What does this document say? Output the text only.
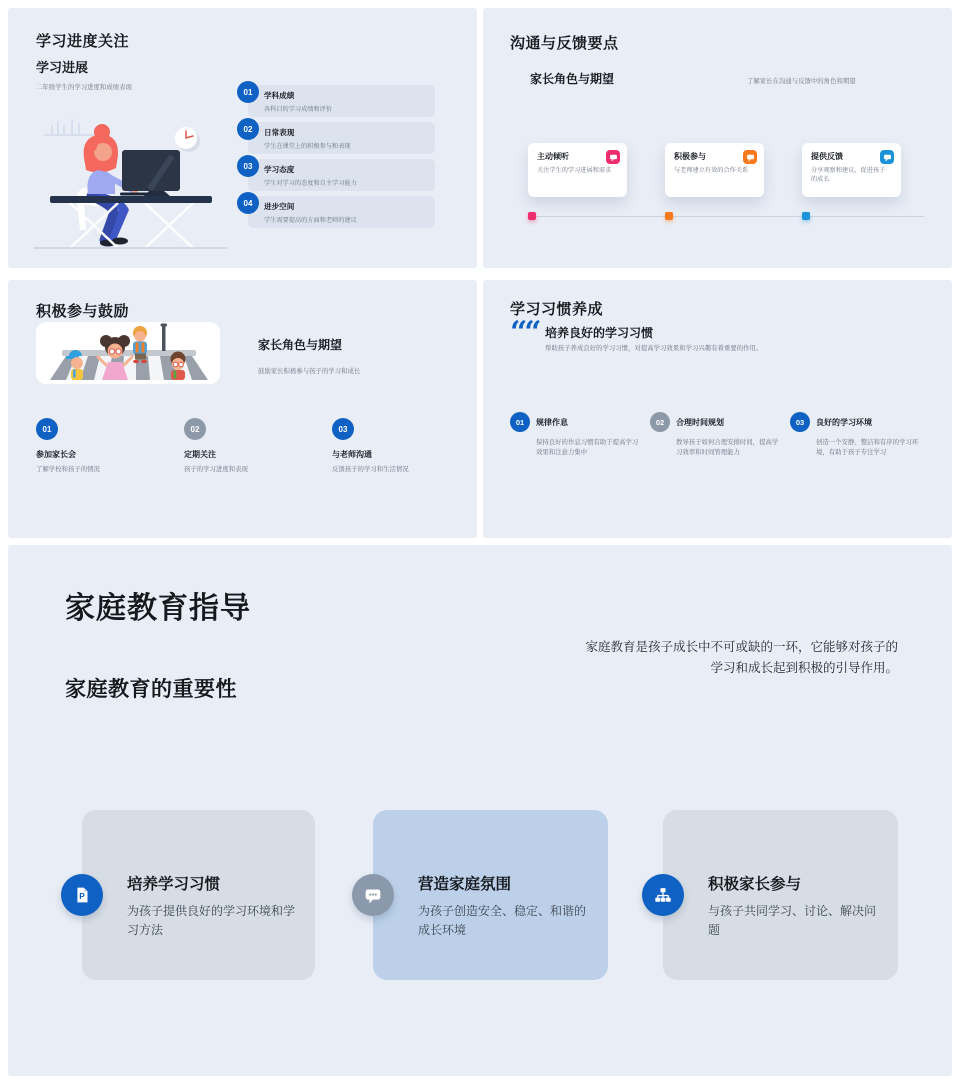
学习进度关注
学习进展

二年级学生的学习进度和成绩表现	01	学科成绩
各科目的学习成绩和评价
02	日常表现
学生在课堂上的积极参与和表现
03	学习态度
学生对学习的态度和自主学习能力
04	进步空间
学生需要提高的方面和老师的建议
沟通与反馈要点
家长角色与期望	了解家长在沟通与反馈中的角色和期望

主动倾听
关注学生的学习进展和需求
积极参与
与老师建立有效的合作关系
提供反馈
分享观察和建议，促进孩子的成长
积极参与鼓励
家长角色与期望

鼓励家长积极参与孩子的学习和成长

01
参加家长会
了解学校和孩子的情况
02
定期关注
孩子的学习进度和表现
03
与老师沟通
反馈孩子的学习和生活情况
学习习惯养成
““ 培养良好的学习习惯

帮助孩子养成良好的学习习惯，对提高学习效果和学习兴趣有着重要的作用。

01	规律作息
保持良好的作息习惯有助于提高学习效果和注意力集中
02	合理时间规划
教导孩子如何合理安排时间，提高学习效率和时间管理能力
03	良好的学习环境
创造一个安静、整洁和有序的学习环境，有助于孩子专注学习
家庭教育指导

家庭教育是孩子成长中不可或缺的一环，它能够对孩子的学习和成长起到积极的引导作用。

家庭教育的重要性
培养学习习惯
为孩子提供良好的学习环境和学习方法
营造家庭氛围
为孩子创造安全、稳定、和谐的成长环境
积极家长参与
与孩子共同学习、讨论、解决问题
P
